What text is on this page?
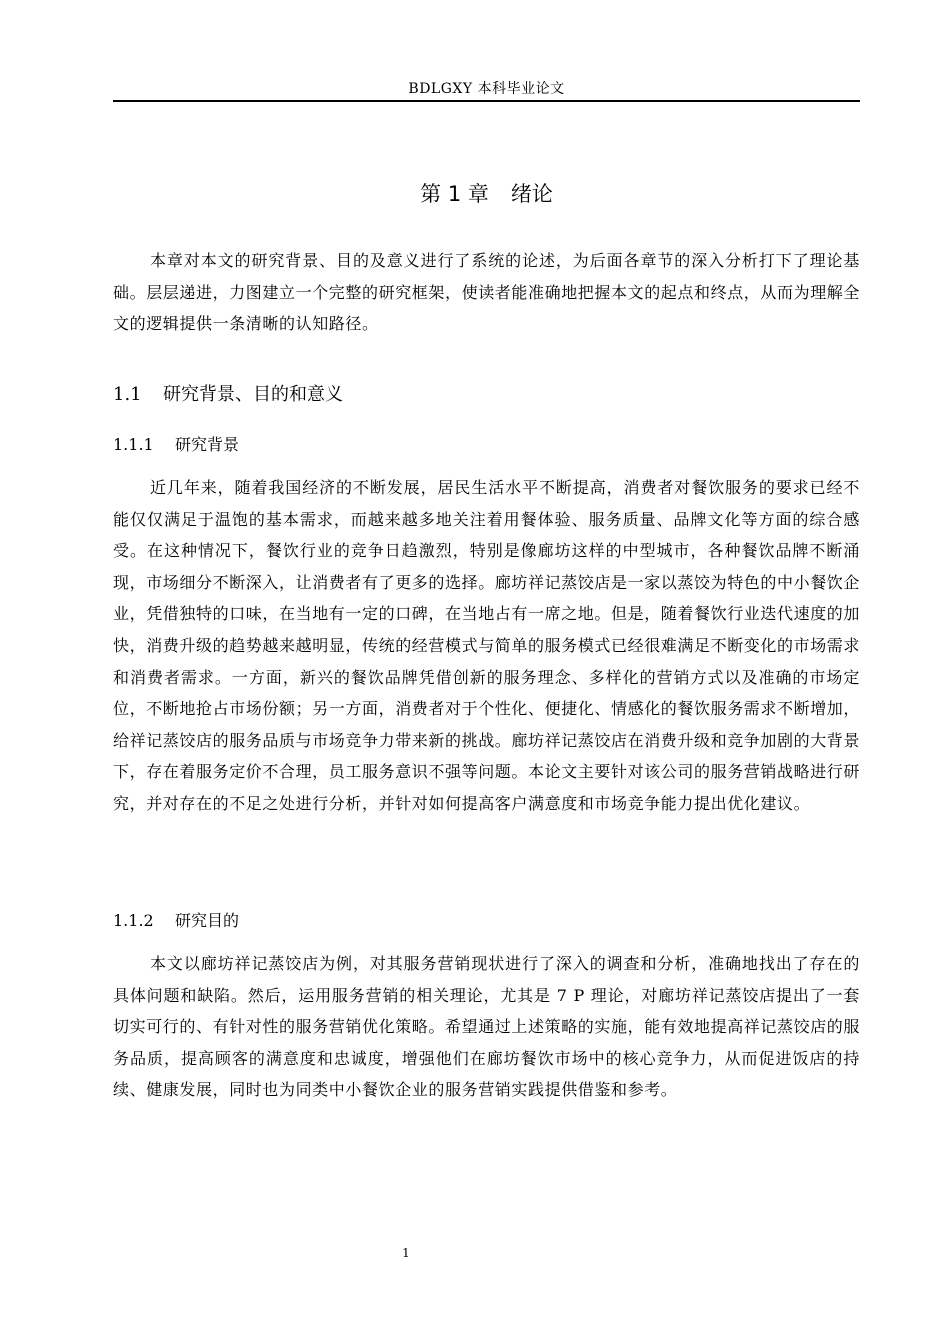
BDLGXY 本科毕业论文
第 1 章 绪论
本章对本文的研究背景、目的及意义进行了系统的论述，为后面各章节的深入分析打下了理论基础。层层递进，力图建立一个完整的研究框架，使读者能准确地把握本文的起点和终点，从而为理解全文的逻辑提供一条清晰的认知路径。
1.1 研究背景、目的和意义
1.1.1 研究背景
近几年来，随着我国经济的不断发展，居民生活水平不断提高，消费者对餐饮服务的要求已经不能仅仅满足于温饱的基本需求，而越来越多地关注着用餐体验、服务质量、品牌文化等方面的综合感受。在这种情况下，餐饮行业的竞争日趋激烈，特别是像廊坊这样的中型城市，各种餐饮品牌不断涌现，市场细分不断深入，让消费者有了更多的选择。廊坊祥记蒸饺店是一家以蒸饺为特色的中小餐饮企业，凭借独特的口味，在当地有一定的口碑，在当地占有一席之地。但是，随着餐饮行业迭代速度的加快，消费升级的趋势越来越明显，传统的经营模式与简单的服务模式已经很难满足不断变化的市场需求和消费者需求。一方面，新兴的餐饮品牌凭借创新的服务理念、多样化的营销方式以及准确的市场定位，不断地抢占市场份额；另一方面，消费者对于个性化、便捷化、情感化的餐饮服务需求不断增加，给祥记蒸饺店的服务品质与市场竞争力带来新的挑战。廊坊祥记蒸饺店在消费升级和竞争加剧的大背景下，存在着服务定价不合理，员工服务意识不强等问题。本论文主要针对该公司的服务营销战略进行研究，并对存在的不足之处进行分析，并针对如何提高客户满意度和市场竞争能力提出优化建议。
1.1.2 研究目的
本文以廊坊祥记蒸饺店为例，对其服务营销现状进行了深入的调查和分析，准确地找出了存在的具体问题和缺陷。然后，运用服务营销的相关理论，尤其是 7 P 理论，对廊坊祥记蒸饺店提出了一套切实可行的、有针对性的服务营销优化策略。希望通过上述策略的实施，能有效地提高祥记蒸饺店的服务品质，提高顾客的满意度和忠诚度，增强他们在廊坊餐饮市场中的核心竞争力，从而促进饭店的持续、健康发展，同时也为同类中小餐饮企业的服务营销实践提供借鉴和参考。
1
